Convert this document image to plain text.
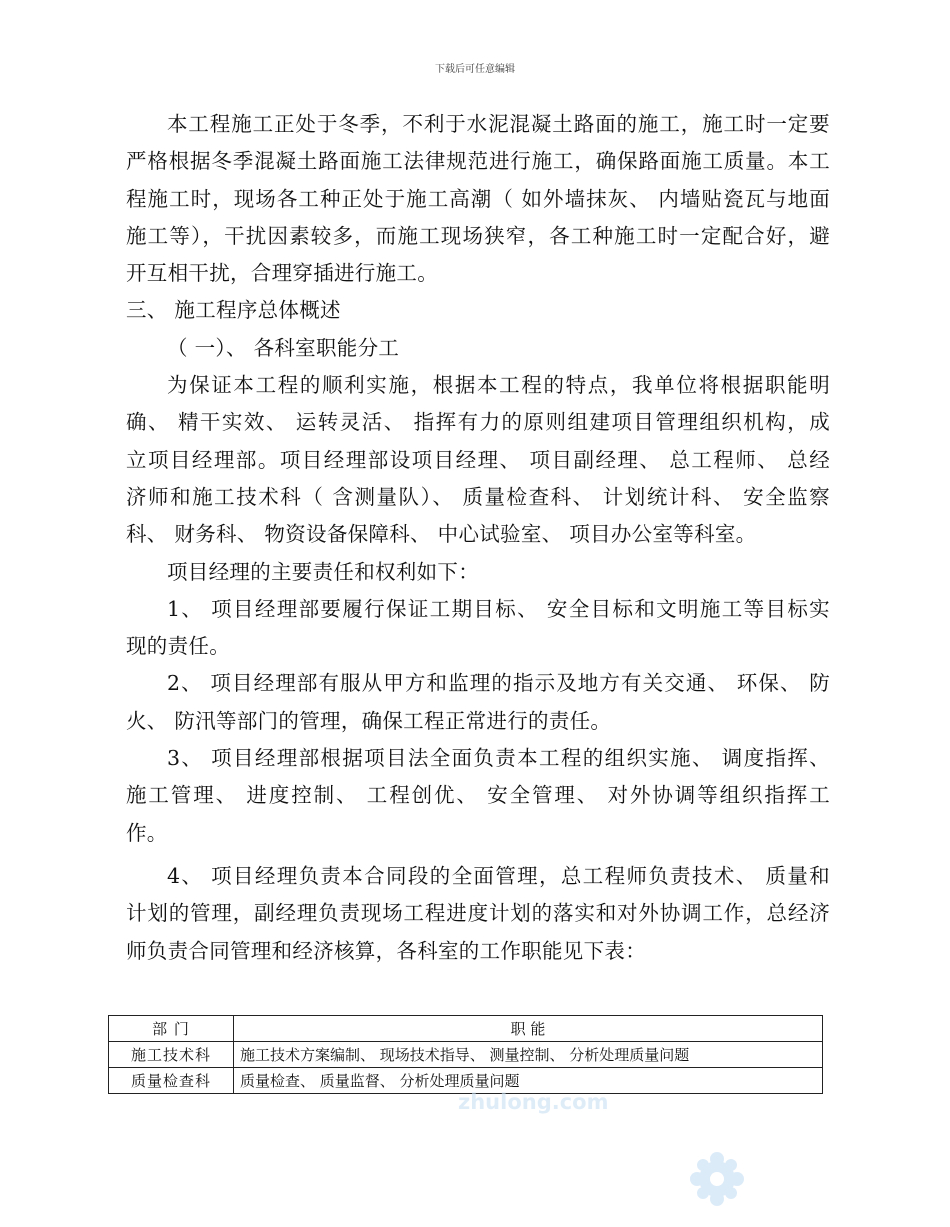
下载后可任意编辑
本工程施工正处于冬季，不利于水泥混凝土路面的施工，施工时一定要
严格根据冬季混凝土路面施工法律规范进行施工，确保路面施工质量。本工
程施工时，现场各工种正处于施工高潮（ 如外墙抹灰、 内墙贴瓷瓦与地面
施工等），干扰因素较多，而施工现场狭窄，各工种施工时一定配合好，避
开互相干扰，合理穿插进行施工。
三、 施工程序总体概述
（ 一）、 各科室职能分工
为保证本工程的顺利实施，根据本工程的特点，我单位将根据职能明
确、 精干实效、 运转灵活、 指挥有力的原则组建项目管理组织机构，成
立项目经理部。项目经理部设项目经理、 项目副经理、 总工程师、 总经
济师和施工技术科（ 含测量队）、 质量检查科、 计划统计科、 安全监察
科、 财务科、 物资设备保障科、 中心试验室、 项目办公室等科室。
项目经理的主要责任和权利如下：
1、 项目经理部要履行保证工期目标、 安全目标和文明施工等目标实
现的责任。
2、 项目经理部有服从甲方和监理的指示及地方有关交通、 环保、 防
火、 防汛等部门的管理，确保工程正常进行的责任。
3、 项目经理部根据项目法全面负责本工程的组织实施、 调度指挥、
施工管理、 进度控制、 工程创优、 安全管理、 对外协调等组织指挥工
作。
4、 项目经理负责本合同段的全面管理，总工程师负责技术、 质量和
计划的管理，副经理负责现场工程进度计划的落实和对外协调工作，总经济
师负责合同管理和经济核算，各科室的工作职能见下表：
部 门	职 能
施工技术科	施工技术方案编制、 现场技术指导、 测量控制、 分析处理质量问题
质量检查科	质量检查、 质量监督、 分析处理质量问题
zhulong.com
